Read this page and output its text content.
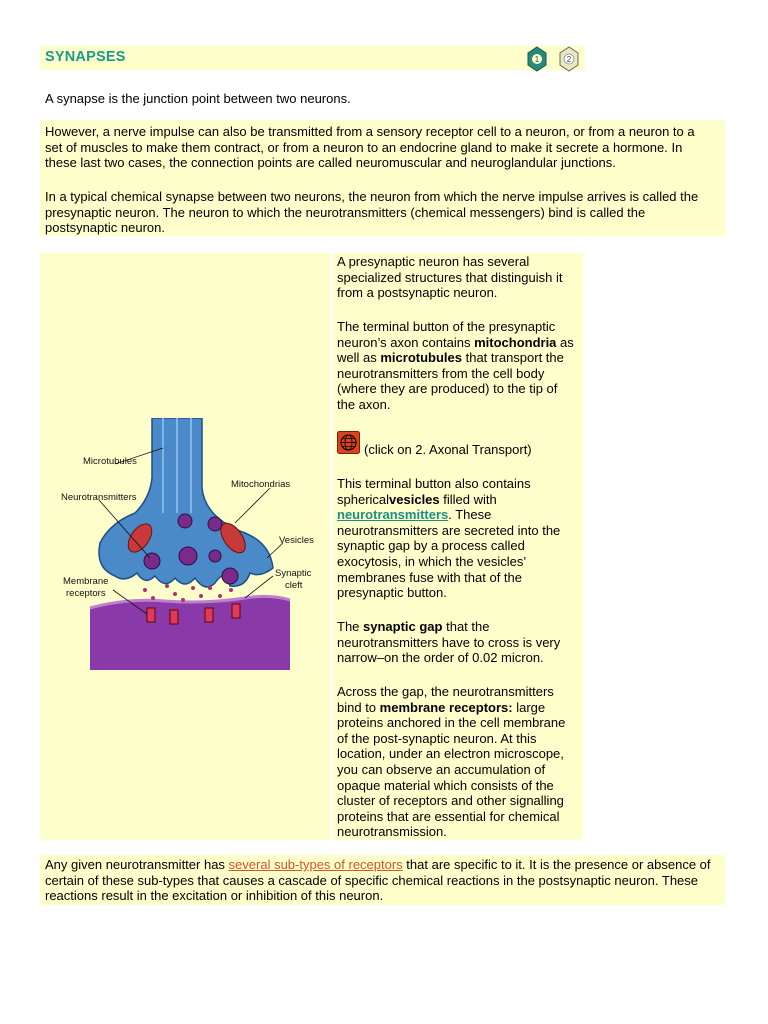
SYNAPSES	1	2
A synapse is the junction point between two neurons.
However, a nerve impulse can also be transmitted from a sensory receptor cell to a neuron, or from a neuron to a set of muscles to make them contract, or from a neuron to an endocrine gland to make it secrete a hormone. In these last two cases, the connection points are called neuromuscular and neuroglandular junctions.
In a typical chemical synapse between two neurons, the neuron from which the nerve impulse arrives is called the presynaptic neuron. The neuron to which the neurotransmitters (chemical messengers) bind is called the postsynaptic neuron.
Microtubules
Mitochondrias
Neurotransmitters
Vesicles
Membrane
receptors
Synaptic
cleft
A presynaptic neuron has several specialized structures that distinguish it from a postsynaptic neuron.
The terminal button of the presynaptic neuron’s axon contains mitochondria as well as microtubules that transport the neurotransmitters from the cell body (where they are produced) to the tip of the axon.
(click on 2. Axonal Transport)
This terminal button also contains sphericalvesicles filled with neurotransmitters. These neurotransmitters are secreted into the synaptic gap by a process called exocytosis, in which the vesicles’ membranes fuse with that of the presynaptic button.
The synaptic gap that the neurotransmitters have to cross is very narrow–on the order of 0.02 micron.
Across the gap, the neurotransmitters bind to membrane receptors: large proteins anchored in the cell membrane of the post-synaptic neuron. At this location, under an electron microscope, you can observe an accumulation of opaque material which consists of the cluster of receptors and other signalling proteins that are essential for chemical neurotransmission.
Any given neurotransmitter has several sub-types of receptors that are specific to it. It is the presence or absence of certain of these sub-types that causes a cascade of specific chemical reactions in the postsynaptic neuron. These reactions result in the excitation or inhibition of this neuron.
